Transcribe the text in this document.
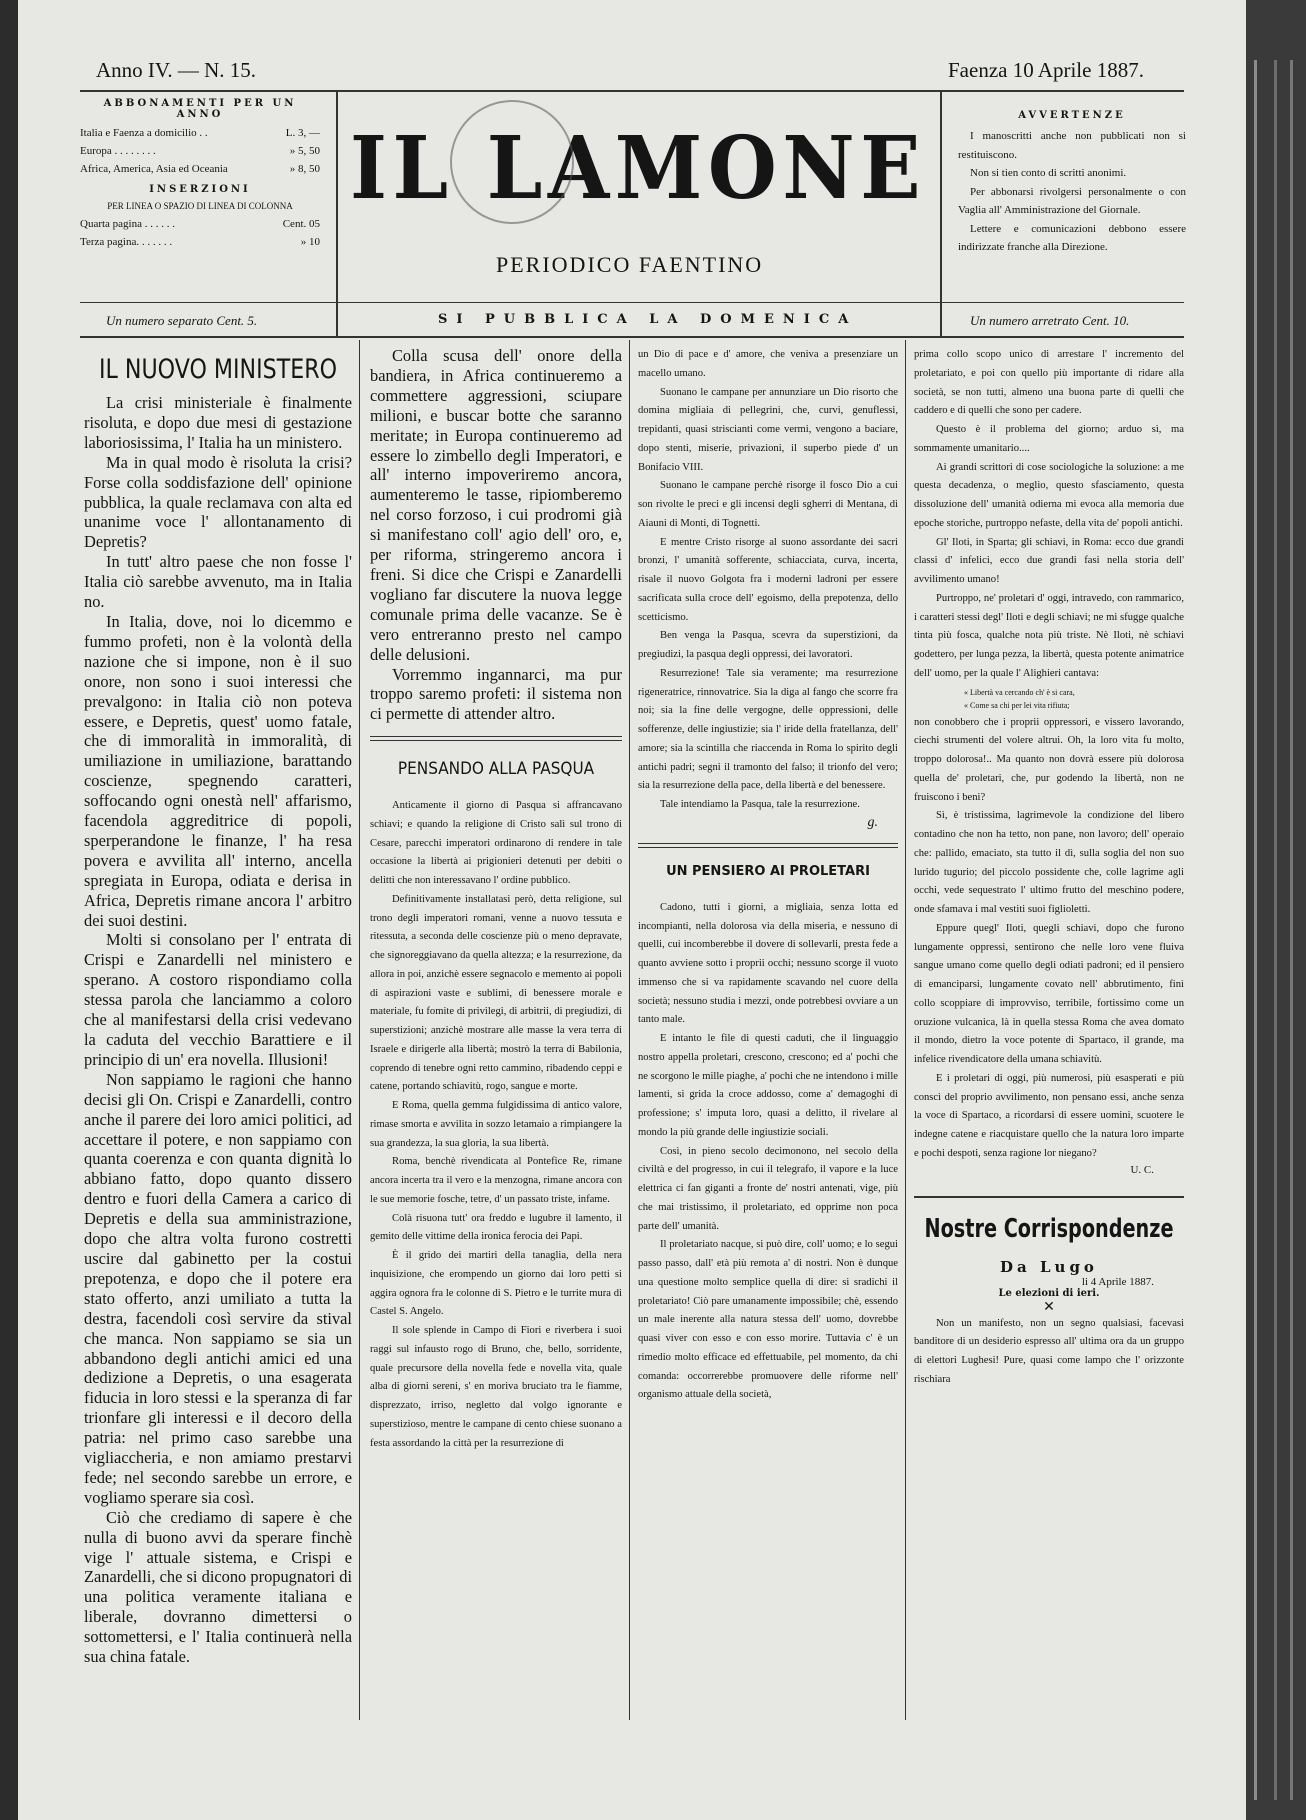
Anno IV. — N. 15.	Faenza 10 Aprile 1887.
ABBONAMENTI PER UN ANNO
Italia e Faenza a domicilio . .	L. 3, —
Europa . . . . . . . .	» 5, 50
Africa, America, Asia ed Oceania	» 8, 50
INSERZIONI
PER LINEA O SPAZIO DI LINEA DI COLONNA
Quarta pagina . . . . . .	Cent. 05
Terza pagina. . . . . . .	» 10
IL LAMONE
PERIODICO FAENTINO
AVVERTENZE
I manoscritti anche non pubblicati non si restituiscono.
Non si tien conto di scritti anonimi.
Per abbonarsi rivolgersi personalmente o con Vaglia all' Amministrazione del Giornale.
Lettere e comunicazioni debbono essere indirizzate franche alla Direzione.
Un numero separato Cent. 5.	SI PUBBLICA LA DOMENICA	Un numero arretrato Cent. 10.
IL NUOVO MINISTERO

La crisi ministeriale è finalmente risoluta, e dopo due mesi di gestazione laboriosissima, l' Italia ha un ministero.

Ma in qual modo è risoluta la crisi? Forse colla soddisfazione dell' opinione pubblica, la quale reclamava con alta ed unanime voce l' allontanamento di Depretis?

In tutt' altro paese che non fosse l' Italia ciò sarebbe avvenuto, ma in Italia no.

In Italia, dove, noi lo dicemmo e fummo profeti, non è la volontà della nazione che si impone, non è il suo onore, non sono i suoi interessi che prevalgono: in Italia ciò non poteva essere, e Depretis, quest' uomo fatale, che di immoralità in immoralità, di umiliazione in umiliazione, barattando coscienze, spegnendo caratteri, soffocando ogni onestà nell' affarismo, facendola aggreditrice di popoli, sperperandone le finanze, l' ha resa povera e avvilita all' interno, ancella spregiata in Europa, odiata e derisa in Africa, Depretis rimane ancora l' arbitro dei suoi destini.

Molti si consolano per l' entrata di Crispi e Zanardelli nel ministero e sperano. A costoro rispondiamo colla stessa parola che lanciammo a coloro che al manifestarsi della crisi vedevano la caduta del vecchio Barattiere e il principio di un' era novella. Illusioni!

Non sappiamo le ragioni che hanno decisi gli On. Crispi e Zanardelli, contro anche il parere dei loro amici politici, ad accettare il potere, e non sappiamo con quanta coerenza e con quanta dignità lo abbiano fatto, dopo quanto dissero dentro e fuori della Camera a carico di Depretis e della sua amministrazione, dopo che altra volta furono costretti uscire dal gabinetto per la costui prepotenza, e dopo che il potere era stato offerto, anzi umiliato a tutta la destra, facendoli così servire da stival che manca. Non sappiamo se sia un abbandono degli antichi amici ed una dedizione a Depretis, o una esagerata fiducia in loro stessi e la speranza di far trionfare gli interessi e il decoro della patria: nel primo caso sarebbe una vigliaccheria, e non amiamo prestarvi fede; nel secondo sarebbe un errore, e vogliamo sperare sia così.

Ciò che crediamo di sapere è che nulla di buono avvi da sperare finchè vige l' attuale sistema, e Crispi e Zanardelli, che si dicono propugnatori di una politica veramente italiana e liberale, dovranno dimettersi o sottomettersi, e l' Italia continuerà nella sua china fatale.

Colla scusa dell' onore della bandiera, in Africa continueremo a commettere aggressioni, sciupare milioni, e buscar botte che saranno meritate; in Europa continueremo ad essere lo zimbello degli Imperatori, e all' interno impoveriremo ancora, aumenteremo le tasse, ripiomberemo nel corso forzoso, i cui prodromi già si manifestano coll' agio dell' oro, e, per riforma, stringeremo ancora i freni. Si dice che Crispi e Zanardelli vogliano far discutere la nuova legge comunale prima delle vacanze. Se è vero entreranno presto nel campo delle delusioni.

Vorremmo ingannarci, ma pur troppo saremo profeti: il sistema non ci permette di attender altro.

PENSANDO ALLA PASQUA

Anticamente il giorno di Pasqua si affrancavano schiavi; e quando la religione di Cristo salì sul trono di Cesare, parecchi imperatori ordinarono di rendere in tale occasione la libertà ai prigionieri detenuti per debiti o delitti che non interessavano l' ordine pubblico.

Definitivamente installatasi però, detta religione, sul trono degli imperatori romani, venne a nuovo tessuta e ritessuta, a seconda delle coscienze più o meno depravate, che signoreggiavano da quella altezza; e la resurrezione, da allora in poi, anzichè essere segnacolo e memento ai popoli di aspirazioni vaste e sublimi, di benessere morale e materiale, fu fomite di privilegi, di arbitrii, di pregiudizi, di superstizioni; anzichè mostrare alle masse la vera terra di Israele e dirigerle alla libertà; mostrò la terra di Babilonia, coprendo di tenebre ogni retto cammino, ribadendo ceppi e catene, portando schiavitù, rogo, sangue e morte.

E Roma, quella gemma fulgidissima di antico valore, rimase smorta e avvilita in sozzo letamaio a rimpiangere la sua grandezza, la sua gloria, la sua libertà.

Roma, benchè rivendicata al Pontefice Re, rimane ancora incerta tra il vero e la menzogna, rimane ancora con le sue memorie fosche, tetre, d' un passato triste, infame.

Colà risuona tutt' ora freddo e lugubre il lamento, il gemito delle vittime della ironica ferocia dei Papi.

È il grido dei martiri della tanaglia, della nera inquisizione, che erompendo un giorno dai loro petti si aggira ognora fra le colonne di S. Pietro e le turrite mura di Castel S. Angelo.

Il sole splende in Campo di Fiori e riverbera i suoi raggi sul infausto rogo di Bruno, che, bello, sorridente, quale precursore della novella fede e novella vita, quale alba di giorni sereni, s' en moriva bruciato tra le fiamme, disprezzato, irriso, negletto dal volgo ignorante e superstizioso, mentre le campane di cento chiese suonano a festa assordando la città per la resurrezione di

un Dio di pace e d' amore, che veniva a presenziare un macello umano.

Suonano le campane per annunziare un Dio risorto che domina migliaia di pellegrini, che, curvi, genuflessi, trepidanti, quasi striscianti come vermi, vengono a baciare, dopo stenti, miserie, privazioni, il superbo piede d' un Bonifacio VIII.

Suonano le campane perchè risorge il fosco Dio a cui son rivolte le preci e gli incensi degli sgherri di Mentana, di Aiauni di Monti, di Tognetti.

E mentre Cristo risorge al suono assordante dei sacri bronzi, l' umanità sofferente, schiacciata, curva, incerta, risale il nuovo Golgota fra i moderni ladroni per essere sacrificata sulla croce dell' egoismo, della prepotenza, dello scetticismo.

Ben venga la Pasqua, scevra da superstizioni, da pregiudizi, la pasqua degli oppressi, dei lavoratori.

Resurrezione! Tale sia veramente; ma resurrezione rigeneratrice, rinnovatrice. Sia la diga al fango che scorre fra noi; sia la fine delle vergogne, delle oppressioni, delle sofferenze, delle ingiustizie; sia l' iride della fratellanza, dell' amore; sia la scintilla che riaccenda in Roma lo spirito degli antichi padri; segni il tramonto del falso; il trionfo del vero; sia la resurrezione della pace, della libertà e del benessere.

Tale intendiamo la Pasqua, tale la resurrezione.

g.
UN PENSIERO AI PROLETARI

Cadono, tutti i giorni, a migliaia, senza lotta ed incompianti, nella dolorosa via della miseria, e nessuno di quelli, cui incomberebbe il dovere di sollevarli, presta fede a quanto avviene sotto i proprii occhi; nessuno scorge il vuoto immenso che si va rapidamente scavando nel cuore della società; nessuno studia i mezzi, onde potrebbesi ovviare a un tanto male.

E intanto le file di questi caduti, che il linguaggio nostro appella proletari, crescono, crescono; ed a' pochi che ne scorgono le mille piaghe, a' pochi che ne intendono i mille lamenti, si grida la croce addosso, come a' demagoghi di professione; s' imputa loro, quasi a delitto, il rivelare al mondo la più grande delle ingiustizie sociali.

Così, in pieno secolo decimonono, nel secolo della civiltà e del progresso, in cui il telegrafo, il vapore e la luce elettrica ci fan giganti a fronte de' nostri antenati, vige, più che mai tristissimo, il proletariato, ed opprime non poca parte dell' umanità.

Il proletariato nacque, si può dire, coll' uomo; e lo segui passo passo, dall' età più remota a' di nostri. Non è dunque una questione molto semplice quella di dire: si sradichi il proletariato! Ciò pare umanamente impossibile; chè, essendo un male inerente alla natura stessa dell' uomo, dovrebbe quasi viver con esso e con esso morire. Tuttavia c' è un rimedio molto efficace ed effettuabile, pel momento, da chi comanda: occorrerebbe promuovere delle riforme nell' organismo attuale della società,

prima collo scopo unico di arrestare l' incremento del proletariato, e poi con quello più importante di ridare alla società, se non tutti, almeno una buona parte di quelli che caddero e di quelli che sono per cadere.

Questo è il problema del giorno; arduo sì, ma sommamente umanitario....

Ai grandi scrittori di cose sociologiche la soluzione: a me questa decadenza, o meglio, questo sfasciamento, questa dissoluzione dell' umanità odierna mi evoca alla memoria due epoche storiche, purtroppo nefaste, della vita de' popoli antichi.

Gl' Iloti, in Sparta; gli schiavi, in Roma: ecco due grandi classi d' infelici, ecco due grandi fasi nella storia dell' avvilimento umano!

Purtroppo, ne' proletari d' oggi, intravedo, con rammarico, i caratteri stessi degl' Iloti e degli schiavi; ne mi sfugge qualche tinta più fosca, qualche nota più triste. Nè Iloti, nè schiavi godettero, per lunga pezza, la libertà, questa potente animatrice dell' uomo, per la quale l' Alighieri cantava:

« Libertà va cercando ch' è si cara,
« Come sa chi per lei vita rifiuta;

non conobbero che i proprii oppressori, e vissero lavorando, ciechi strumenti del volere altrui. Oh, la loro vita fu molto, troppo dolorosa!.. Ma quanto non dovrà essere più dolorosa quella de' proletari, che, pur godendo la libertà, non ne fruiscono i beni?

Sì, è tristissima, lagrimevole la condizione del libero contadino che non ha tetto, non pane, non lavoro; dell' operaio che: pallido, emaciato, sta tutto il dì, sulla soglia del non suo lurido tugurio; del piccolo possidente che, colle lagrime agli occhi, vede sequestrato l' ultimo frutto del meschino podere, onde sfamava i mal vestiti suoi figlioletti.

Eppure quegl' Iloti, quegli schiavi, dopo che furono lungamente oppressi, sentirono che nelle loro vene fluiva sangue umano come quello degli odiati padroni; ed il pensiero di emanciparsi, lungamente covato nell' abbrutimento, finì collo scoppiare di improvviso, terribile, fortissimo come un oruzione vulcanica, là in quella stessa Roma che avea domato il mondo, dietro la voce potente di Spartaco, il grande, ma infelice rivendicatore della umana schiavitù.

E i proletari di oggi, più numerosi, più esasperati e più conscì del proprio avvilimento, non pensano essi, anche senza la voce di Spartaco, a ricordarsi di essere uomini, scuotere le indegne catene e riacquistare quello che la natura loro imparte e pochi despoti, senza ragione lor niegano?

U. C.
Nostre Corrispondenze
Da Lugo
li 4 Aprile 1887.
Le elezioni di ieri.
✕

Non un manifesto, non un segno qualsiasi, facevasi banditore di un desiderio espresso all' ultima ora da un gruppo di elettori Lughesi! Pure, quasi come lampo che l' orizzonte rischiara
